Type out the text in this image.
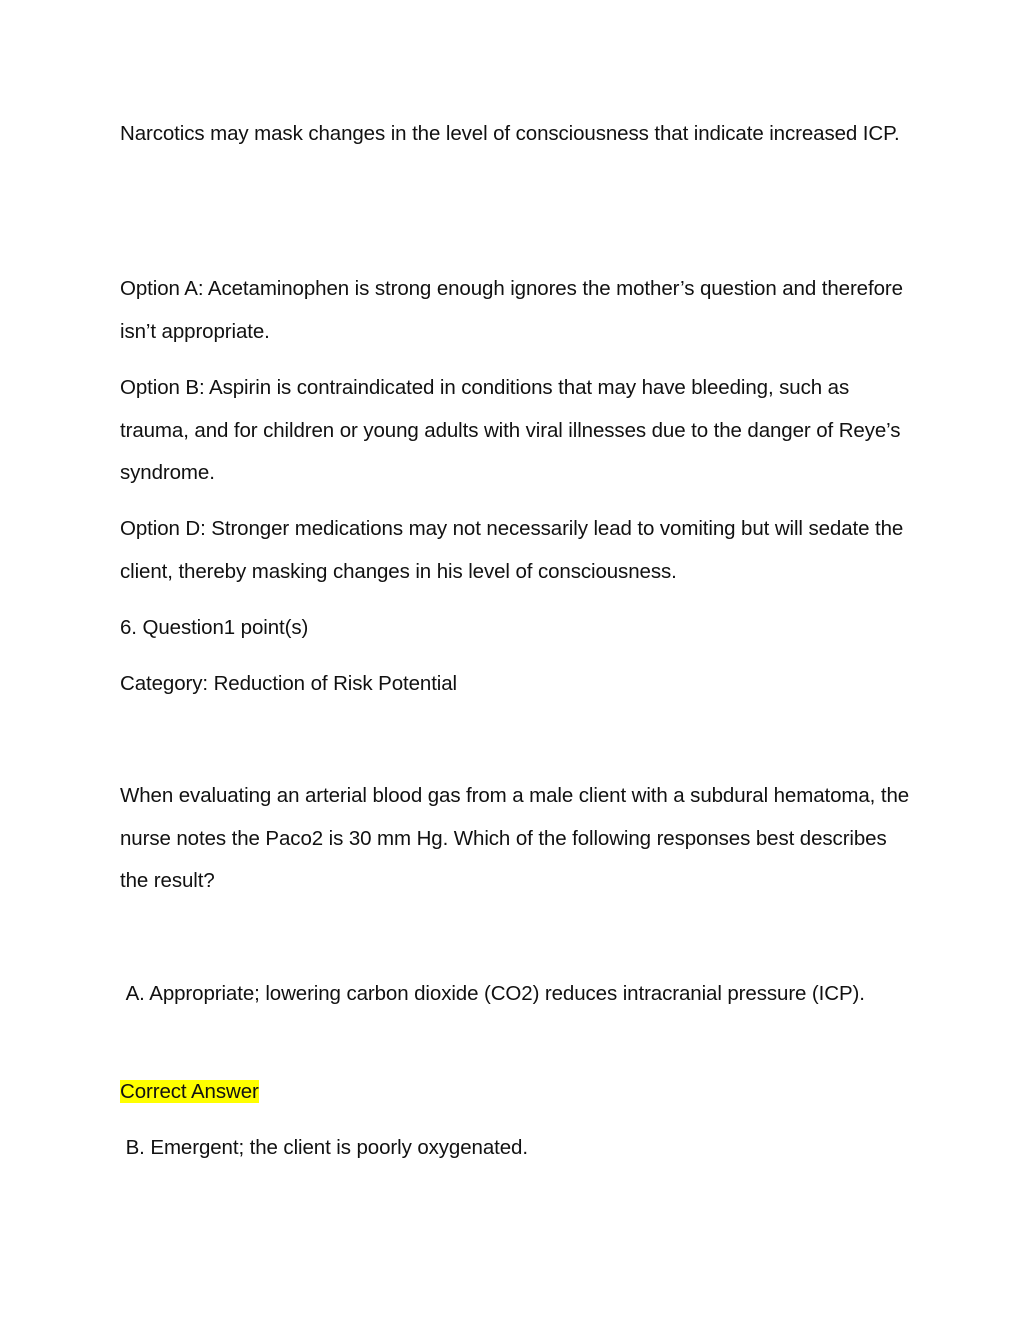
Narcotics may mask changes in the level of consciousness that indicate increased ICP.

Option A: Acetaminophen is strong enough ignores the mother’s question and therefore isn’t appropriate.

Option B: Aspirin is contraindicated in conditions that may have bleeding, such as trauma, and for children or young adults with viral illnesses due to the danger of Reye’s syndrome.

Option D: Stronger medications may not necessarily lead to vomiting but will sedate the client, thereby masking changes in his level of consciousness.

6. Question1 point(s)

Category: Reduction of Risk Potential

When evaluating an arterial blood gas from a male client with a subdural hematoma, the nurse notes the Paco2 is 30 mm Hg. Which of the following responses best describes the result?

A. Appropriate; lowering carbon dioxide (CO2) reduces intracranial pressure (ICP).

Correct Answer

B. Emergent; the client is poorly oxygenated.
